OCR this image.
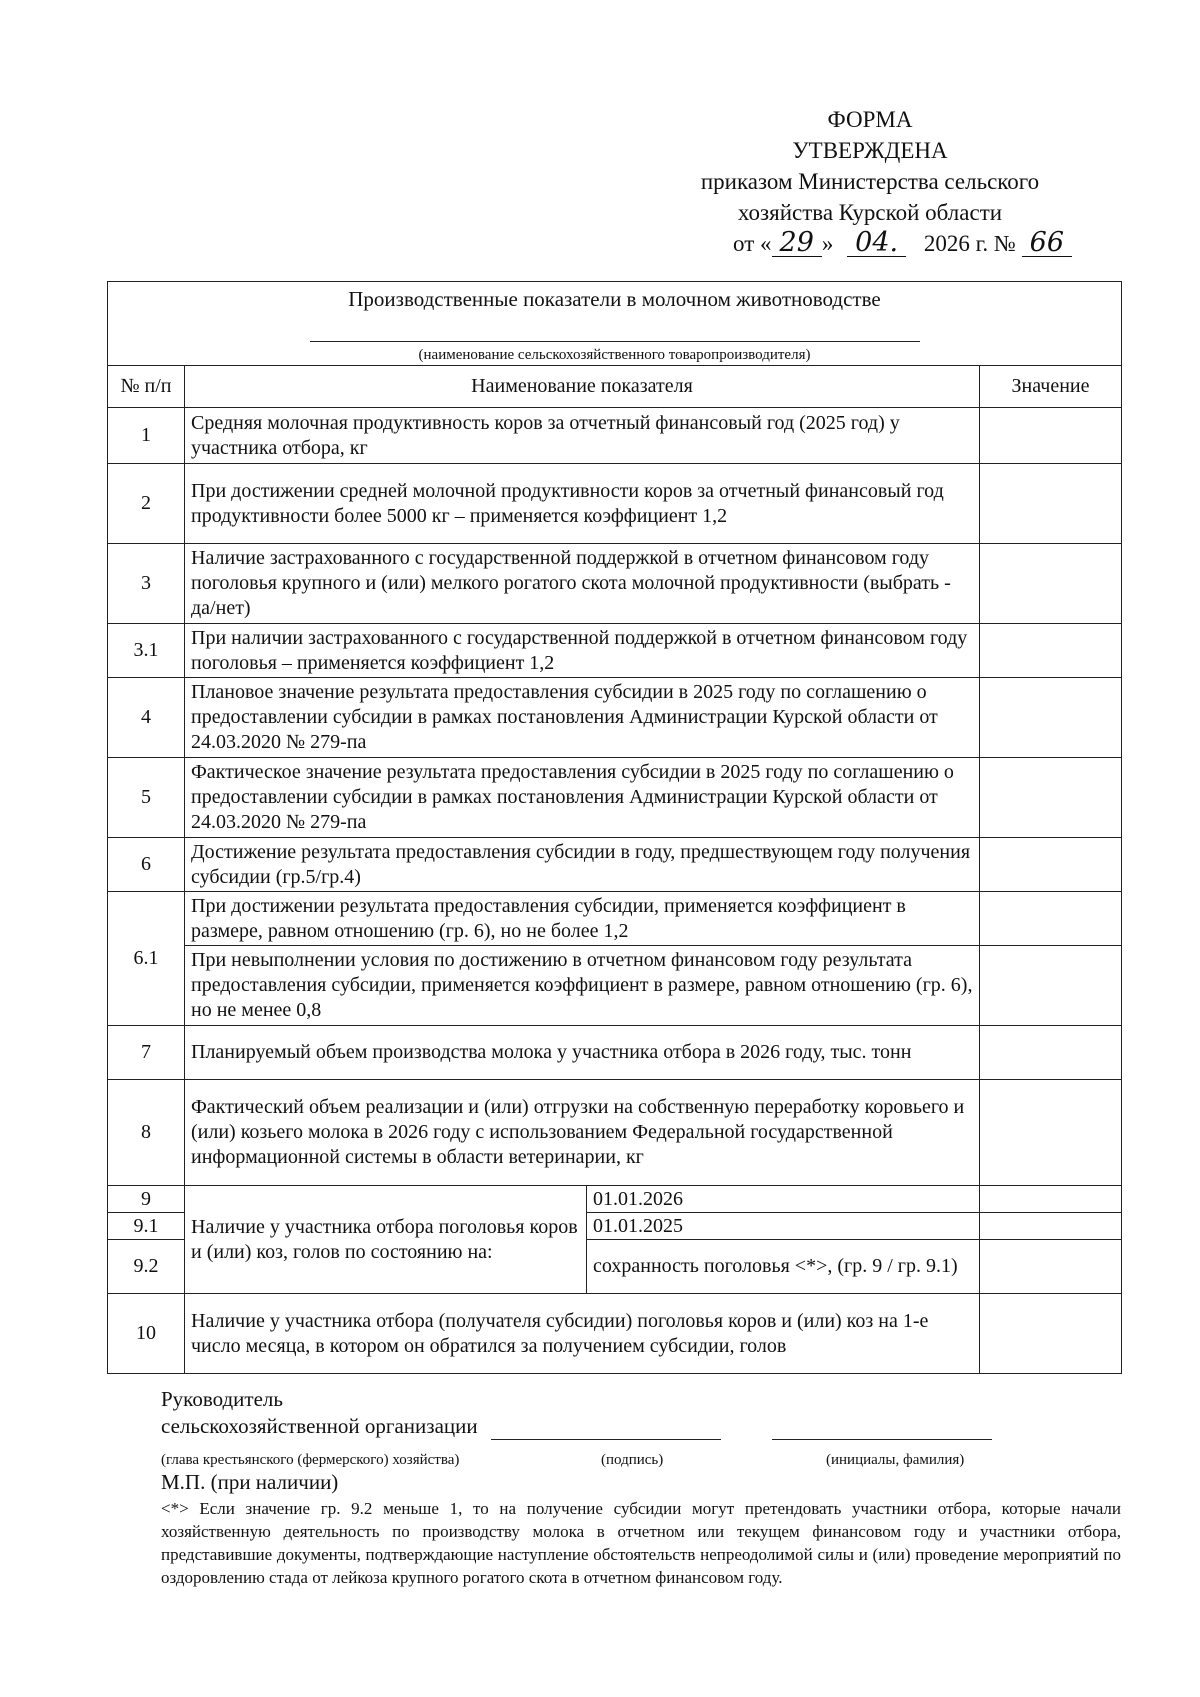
ФОРМА
УТВЕРЖДЕНА
приказом Министерства сельского
хозяйства Курской области
от « 29 » 04. 2026 г. № 66
Производственные показатели в молочном животноводстве
(наименование сельскохозяйственного товаропроизводителя)			

№ п/п	Наименование показателя		Значение
1	Средняя молочная продуктивность коров за отчетный финансовый год (2025 год) у участника отбора, кг		
2	При достижении средней молочной продуктивности коров за отчетный финансовый год продуктивности более 5000 кг – применяется коэффициент 1,2		
3	Наличие застрахованного с государственной поддержкой в отчетном финансовом году поголовья крупного и (или) мелкого рогатого скота молочной продуктивности (выбрать - да/нет)		
3.1	При наличии застрахованного с государственной поддержкой в отчетном финансовом году поголовья – применяется коэффициент 1,2		
4	Плановое значение результата предоставления субсидии в 2025 году по соглашению о предоставлении субсидии в рамках постановления Администрации Курской области от 24.03.2020 № 279-па		
5	Фактическое значение результата предоставления субсидии в 2025 году по соглашению о предоставлении субсидии в рамках постановления Администрации Курской области от 24.03.2020 № 279-па		
6	Достижение результата предоставления субсидии в году, предшествующем году получения субсидии (гр.5/гр.4)		
6.1	При достижении результата предоставления субсидии, применяется коэффициент в размере, равном отношению (гр. 6), но не более 1,2		
	При невыполнении условия по достижению в отчетном финансовом году результата предоставления субсидии, применяется коэффициент в размере, равном отношению (гр. 6), но не менее 0,8		
7	Планируемый объем производства молока у участника отбора в 2026 году, тыс. тонн		
8	Фактический объем реализации и (или) отгрузки на собственную переработку коровьего и (или) козьего молока в 2026 году с использованием Федеральной государственной информационной системы в области ветеринарии, кг		
9	Наличие у участника отбора поголовья коров и (или) коз, голов по состоянию на:	01.01.2026	
9.1		01.01.2025	
9.2		сохранность поголовья <*>, (гр. 9 / гр. 9.1)	
10	Наличие у участника отбора (получателя субсидии) поголовья коров и (или) коз на 1-е число месяца, в котором он обратился за получением субсидии, голов		
Руководитель
сельскохозяйственной организации
(глава крестьянского (фермерского) хозяйства)	(подпись)	(инициалы, фамилия)
М.П. (при наличии)
<*> Если значение гр. 9.2 меньше 1, то на получение субсидии могут претендовать участники отбора, которые начали хозяйственную деятельность по производству молока в отчетном или текущем финансовом году и участники отбора, представившие документы, подтверждающие наступление обстоятельств непреодолимой силы и (или) проведение мероприятий по оздоровлению стада от лейкоза крупного рогатого скота в отчетном финансовом году.
